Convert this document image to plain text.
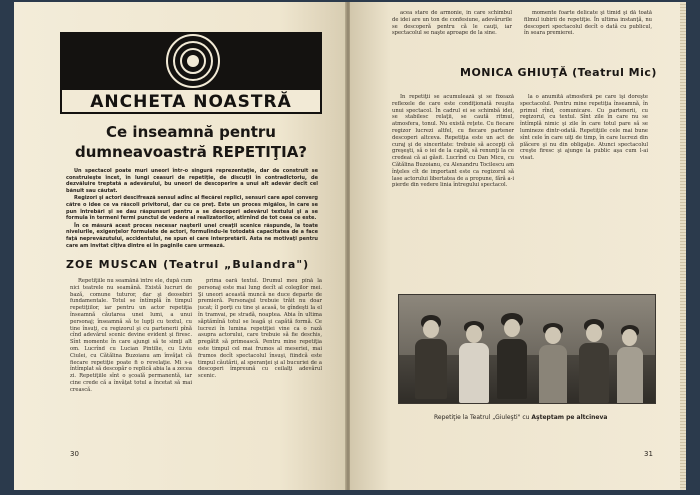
ANCHETA NOASTRĂ
Ce inseamnă pentru dumneavoastră REPETIŢIA?

Un spectacol poate muri uneori într-o singură reprezentaţie, dar de construit se construieşte încet, în lungi ceasuri de repetiţie, de discuţii în contradictoriu, de dezvăluire treptată a adevărului, bu uneori de descoperire a unui alt adevăr decît cel bănuit sau căutat.

Regizori şi actori descifrează sensul adînc al fiecărei replici, sensuri care apoi converg către o idee ce va răscoli privitorul, dar cu ce preţ. Este un proces migălos, în care se pun întrebări şi se dau răspunsuri pentru a se descoperi adevărul textului şi a se formula în termeni fermi punctul de vedere al realizatorilor, atîrnînd de tot ceea ce este.

În ce măsură acest proces necesar naşterii unei creaţii scenice răspunde, la toate nivelurile, exigenţelor formulate de actori, formulîndu-le totodată capacitatea de a face faţă neprevăzutului, accidentului, ne spun ei care interpretării. Asta ne motivaţi pentru care am invitat cîţiva dintre ei în paginile care urmează.

ZOE MUSCAN (Teatrul „Bulandra")

Repetiţiile nu seamănă între ele, după cum nici teatrele nu seamănă. Există lucruri de bază, comune tuturor, dar şi deosebiri fundamentale. Totul se întîmplă în timpul repetiţiilor, iar pentru un actor repetiţia înseamnă căutarea unei lumi, a unui personaj; înseamnă să te lupţi cu textul, cu tine însuţi, cu regizorul şi cu partenerii pînă cînd adevărul scenic devine evident şi firesc. Sînt momente în care ajungi să te simţi alt om. Lucrînd cu Lucian Pintilie, cu Liviu Ciulei, cu Cătălina Buzoianu am învăţat că fiecare repetiţie poate fi o revelaţie. Mi s-a întîmplat să descopăr o replică abia la a zecea zi. Repetiţiile sînt o şcoală permanentă, iar cine crede că a învăţat totul a încetat să mai crească.

prima oară textul. Drumul meu pînă la personaj este mai lung decît al colegilor mei. Şi uneori această muncă ne duce departe de premieră. Personajul trebuie trăit nu doar jucat; îl porţi cu tine şi acasă, te gîndeşti la el în tramvai, pe stradă, noaptea. Abia în ultima săptămînă totul se leagă şi capătă formă. Ce lucrezi în lumina repetiţiei vine ca o rază asupra actorului, care trebuie să fie deschis, pregătit să primească. Pentru mine repetiţia este timpul cel mai frumos al meseriei, mai frumos decît spectacolul însuşi, fiindcă este timpul căutării, al speranţei şi al bucuriei de a descoperi împreună cu ceilalţi adevărul scenic.

30

acea stare de armonie, în care schimbul de idei are un ton de confesiune, adevărurile se descoperă pentru că le cauţi, iar spectacolul se naşte aproape de la sine.

momente foarte delicate şi timid şi dă toată filmul iubirii de repetiţie. În ultima instanţă, nu descoperi spectacolul decît o dată cu publicul, în seara premierei.

MONICA GHIUŢĂ (Teatrul Mic)

În repetiţii se acumulează şi se fixează reflexele de care este condiţionată reuşita unui spectacol. În cadrul ei se schimbă idei, se stabilesc relaţii, se caută ritmul, atmosfera, tonul. Nu există reţete. Cu fiecare regizor lucrezi altfel, cu fiecare partener descoperi altceva. Repetiţia este un act de curaj şi de sinceritate: trebuie să accepţi că greşeşti, să o iei de la capăt, să renunţi la ce credeai că ai găsit. Lucrînd cu Dan Micu, cu Cătălina Buzoianu, cu Alexandru Tocilescu am înţeles cît de important este ca regizorul să lase actorului libertatea de a propune, fără a-i pierde din vedere linia întregului spectacol.

la o anumită atmosferă pe care îşi doreşte spectacolul. Pentru mine repetiţia înseamnă, în primul rînd, comunicare. Cu partenerii, cu regizorul, cu textul. Sînt zile în care nu se întîmplă nimic şi zile în care totul pare să se lumineze dintr-odată. Repetiţiile cele mai bune sînt cele în care uiţi de timp, în care lucrezi din plăcere şi nu din obligaţie. Atunci spectacolul creşte firesc şi ajunge la public aşa cum l-ai visat.

Repetiţie la Teatrul „Giuleşti" cu Aşteptam pe altcineva
31
